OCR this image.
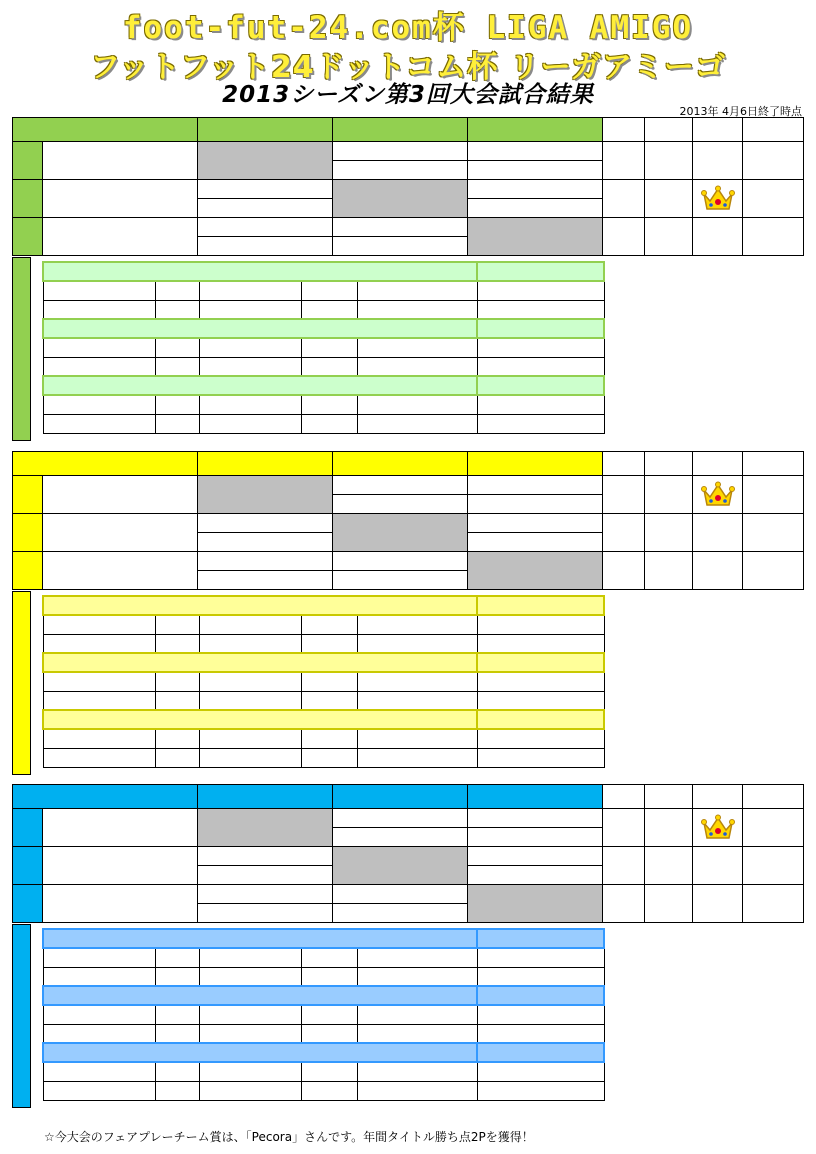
foot-fut-24.com杯 LIGA AMIGO
フットフット24ドットコム杯 リーガアミーゴ
2013シーズン第3回大会試合結果
2013年 4月6日終了時点

☆今大会のフェアプレーチーム賞は、「Pecora」さんです。年間タイトル勝ち点2Pを獲得！
